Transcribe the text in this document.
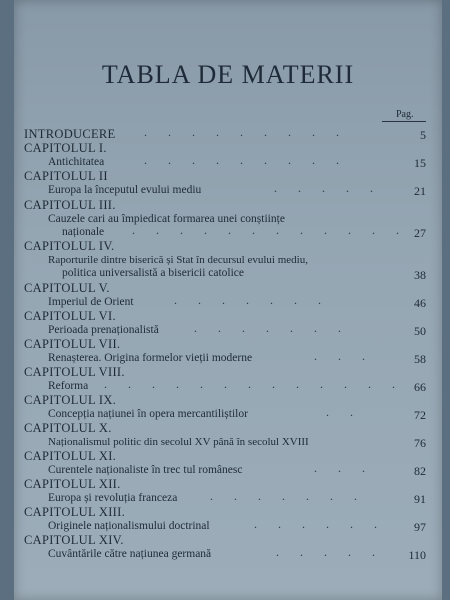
TABLA DE MATERII
Pag.
INTRODUCERE . . . . . . . . .	5
CAPITOLUL I.
Antichitatea	. . . . . . . . .	15
CAPITOLUL II
Europa la începutul evului mediu	. . . . .	21
CAPITOLUL III.
Cauzele cari au împiedicat formarea unei conștiințe
naționale . . . . . . . . . . . . 27
CAPITOLUL IV.
Raporturile dintre biserică și Stat în decursul evului mediu,
politica universalistă a bisericii catolice	38
CAPITOLUL V.
Imperiul de Orient	. . . . . . .	46
CAPITOLUL VI.
Perioada prenaționalistă	. . . . . . .	50
CAPITOLUL VII.
Renașterea. Origina formelor vieții moderne	. . .	58
CAPITOLUL VIII.
Reforma . . . . . . . . . . . . . 66
CAPITOLUL IX.
Concepția națiunei în opera mercantiliștilor	. .	72
CAPITOLUL X.
Naționalismul politic din secolul XV până în secolul XVIII	76
CAPITOLUL XI.
Curentele naționaliste în trec tul românesc	. . .	82
CAPITOLUL XII.
Europa și revoluția franceza	. . . . . . .	91
CAPITOLUL XIII.
Originele naționalismului doctrinal	. . . . . .	97
CAPITOLUL XIV.
Cuvântările către națiunea germană	. . . . .	110
